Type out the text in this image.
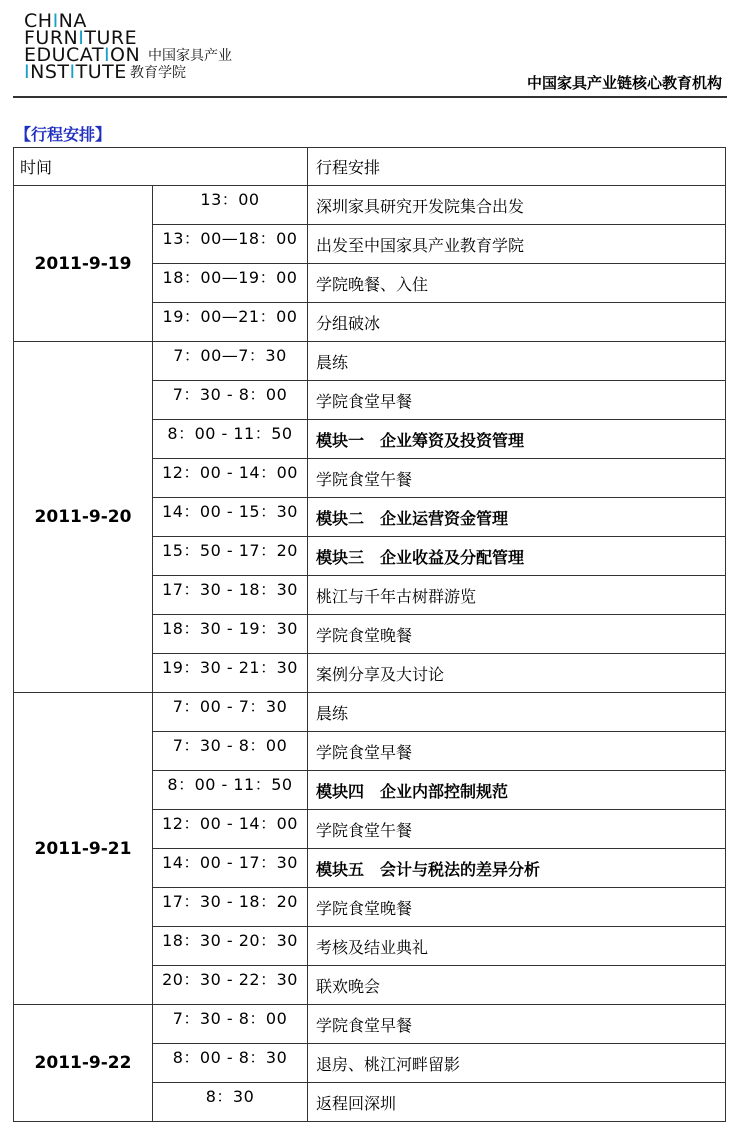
CHINA
FURNITURE
EDUCATION
INSTITUTE
中国家具产业
教育学院
中国家具产业链核心教育机构
【行程安排】
时间		行程安排
2011-9-19	13：00	深圳家具研究开发院集合出发
	13：00—18：00	出发至中国家具产业教育学院
	18：00—19：00	学院晚餐、入住
	19：00—21：00	分组破冰
2011-9-20	7：00—7：30	晨练
	7：30 - 8：00	学院食堂早餐
	8：00 - 11：50	模块一　企业筹资及投资管理
	12：00 - 14：00	学院食堂午餐
	14：00 - 15：30	模块二　企业运营资金管理
	15：50 - 17：20	模块三　企业收益及分配管理
	17：30 - 18：30	桃江与千年古树群游览
	18：30 - 19：30	学院食堂晚餐
	19：30 - 21：30	案例分享及大讨论
2011-9-21	7：00 - 7：30	晨练
	7：30 - 8：00	学院食堂早餐
	8：00 - 11：50	模块四　企业内部控制规范
	12：00 - 14：00	学院食堂午餐
	14：00 - 17：30	模块五　会计与税法的差异分析
	17：30 - 18：20	学院食堂晚餐
	18：30 - 20：30	考核及结业典礼
	20：30 - 22：30	联欢晚会
2011-9-22	7：30 - 8：00	学院食堂早餐
	8：00 - 8：30	退房、桃江河畔留影
	8：30	返程回深圳
